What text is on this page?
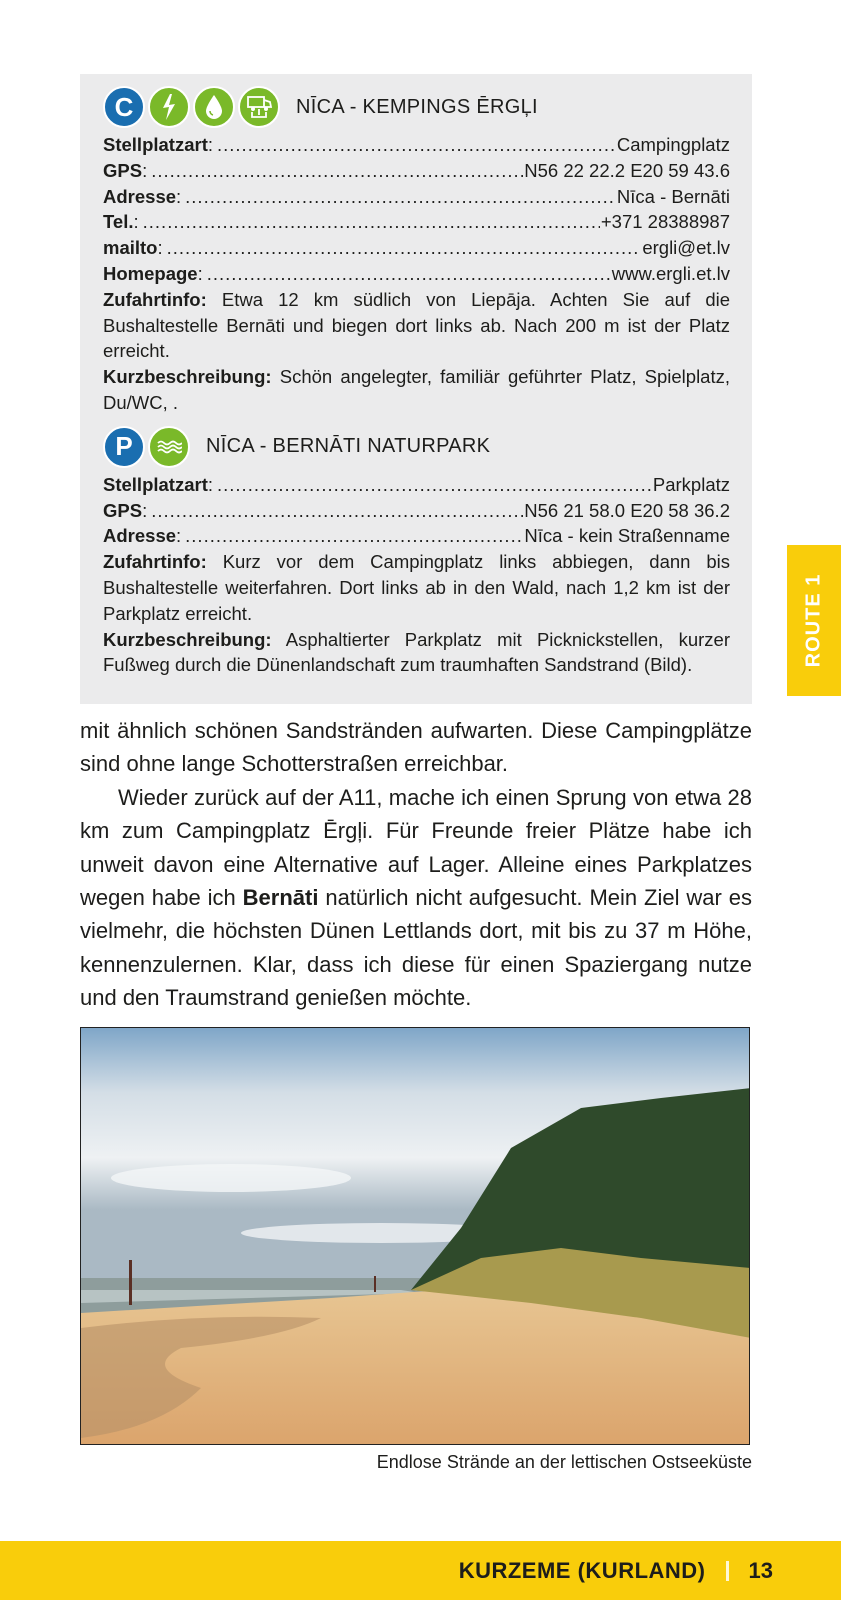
C	NĪCA - KEMPINGS ĒRGĻI
Stellplatzart : .....	Campingplatz
GPS : .....	N56 22 22.2 E20 59 43.6
Adresse : .....	Nīca - Bernāti
Tel. : .....	+371 28388987
mailto : .....	ergli@et.lv
Homepage : .....	www.ergli.et.lv
Zufahrtinfo: Etwa 12 km südlich von Liepāja. Achten Sie auf die Bushaltestelle Bernāti und biegen dort links ab. Nach 200 m ist der Platz erreicht.
Kurzbeschreibung: Schön angelegter, familiär geführter Platz, Spielplatz, Du/WC, .
P	NĪCA - BERNĀTI NATURPARK
Stellplatzart : .....	Parkplatz
GPS : .....	N56 21 58.0 E20 58 36.2
Adresse : .....	Nīca - kein Straßenname
Zufahrtinfo: Kurz vor dem Campingplatz links abbiegen, dann bis Bushaltestelle weiterfahren. Dort links ab in den Wald, nach 1,2 km ist der Parkplatz erreicht.
Kurzbeschreibung: Asphaltierter Parkplatz mit Picknickstellen, kurzer Fußweg durch die Dünenlandschaft zum traumhaften Sandstrand (Bild).

mit ähnlich schönen Sandstränden aufwarten. Diese Campingplätze sind ohne lange Schotterstraßen erreichbar.

Wieder zurück auf der A11, mache ich einen Sprung von etwa 28 km zum Campingplatz Ērgļi. Für Freunde freier Plätze habe ich unweit davon eine Alternative auf Lager. Alleine eines Parkplatzes wegen habe ich Bernāti natürlich nicht aufgesucht. Mein Ziel war es vielmehr, die höchsten Dünen Lettlands dort, mit bis zu 37 m Höhe, kennenzulernen. Klar, dass ich diese für einen Spaziergang nutze und den Traumstrand genießen möchte.

Endlose Strände an der lettischen Ostseeküste
ROUTE 1
KURZEME (KURLAND) 13
